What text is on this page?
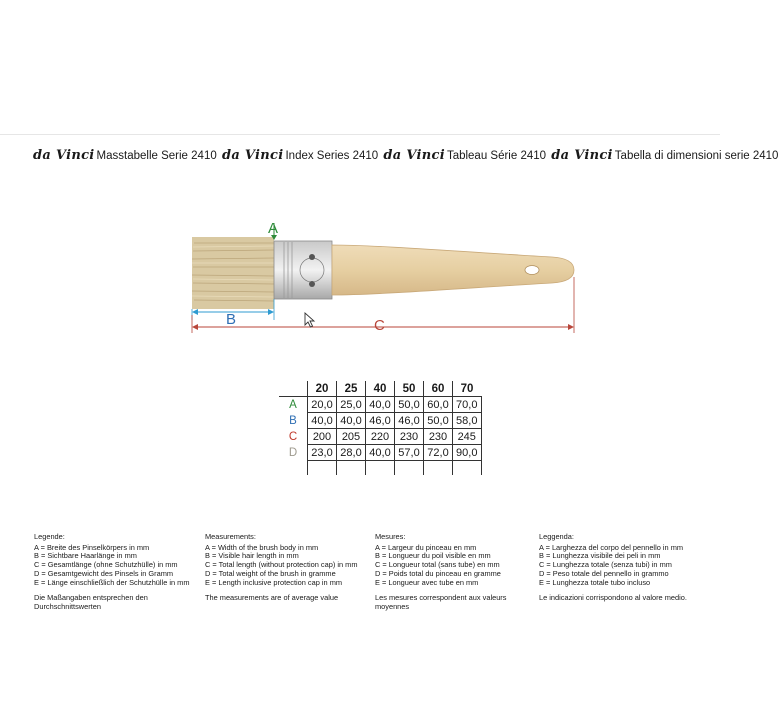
da Vinci Masstabelle Serie 2410 da Vinci Index Series 2410 da Vinci Tableau Série 2410 da Vinci Tabella di dimensioni serie 2410
A
B	C
	20	25	40	50	60	70
A	20,0	25,0	40,0	50,0	60,0	70,0
B	40,0	40,0	46,0	46,0	50,0	58,0
C	200	205	220	230	230	245
D	23,0	28,0	40,0	57,0	72,0	90,0

Legende:
A = Breite des Pinselkörpers in mm
B = Sichtbare Haarlänge in mm
C = Gesamtlänge (ohne Schutzhülle) in mm
D = Gesamtgewicht des Pinsels in Gramm
E = Länge einschließlich der Schutzhülle in mm
Die Maßangaben entsprechen den Durchschnittswerten
Measurements:
A = Width of the brush body in mm
B = Visible hair length in mm
C = Total length (without protection cap) in mm
D = Total weight of the brush in gramme
E = Length inclusive protection cap in mm
The measurements are of average value
Mesures:
A = Largeur du pinceau en mm
B = Longueur du poil visible en mm
C = Longueur total (sans tube) en mm
D = Poids total du pinceau en gramme
E = Longueur avec tube en mm
Les mesures correspondent aux valeurs moyennes
Leggenda:
A = Larghezza del corpo del pennello in mm
B = Lunghezza visibile dei peli in mm
C = Lunghezza totale (senza tubi) in mm
D = Peso totale del pennello in grammo
E = Lunghezza totale tubo incluso
Le indicazioni corrispondono al valore medio.
